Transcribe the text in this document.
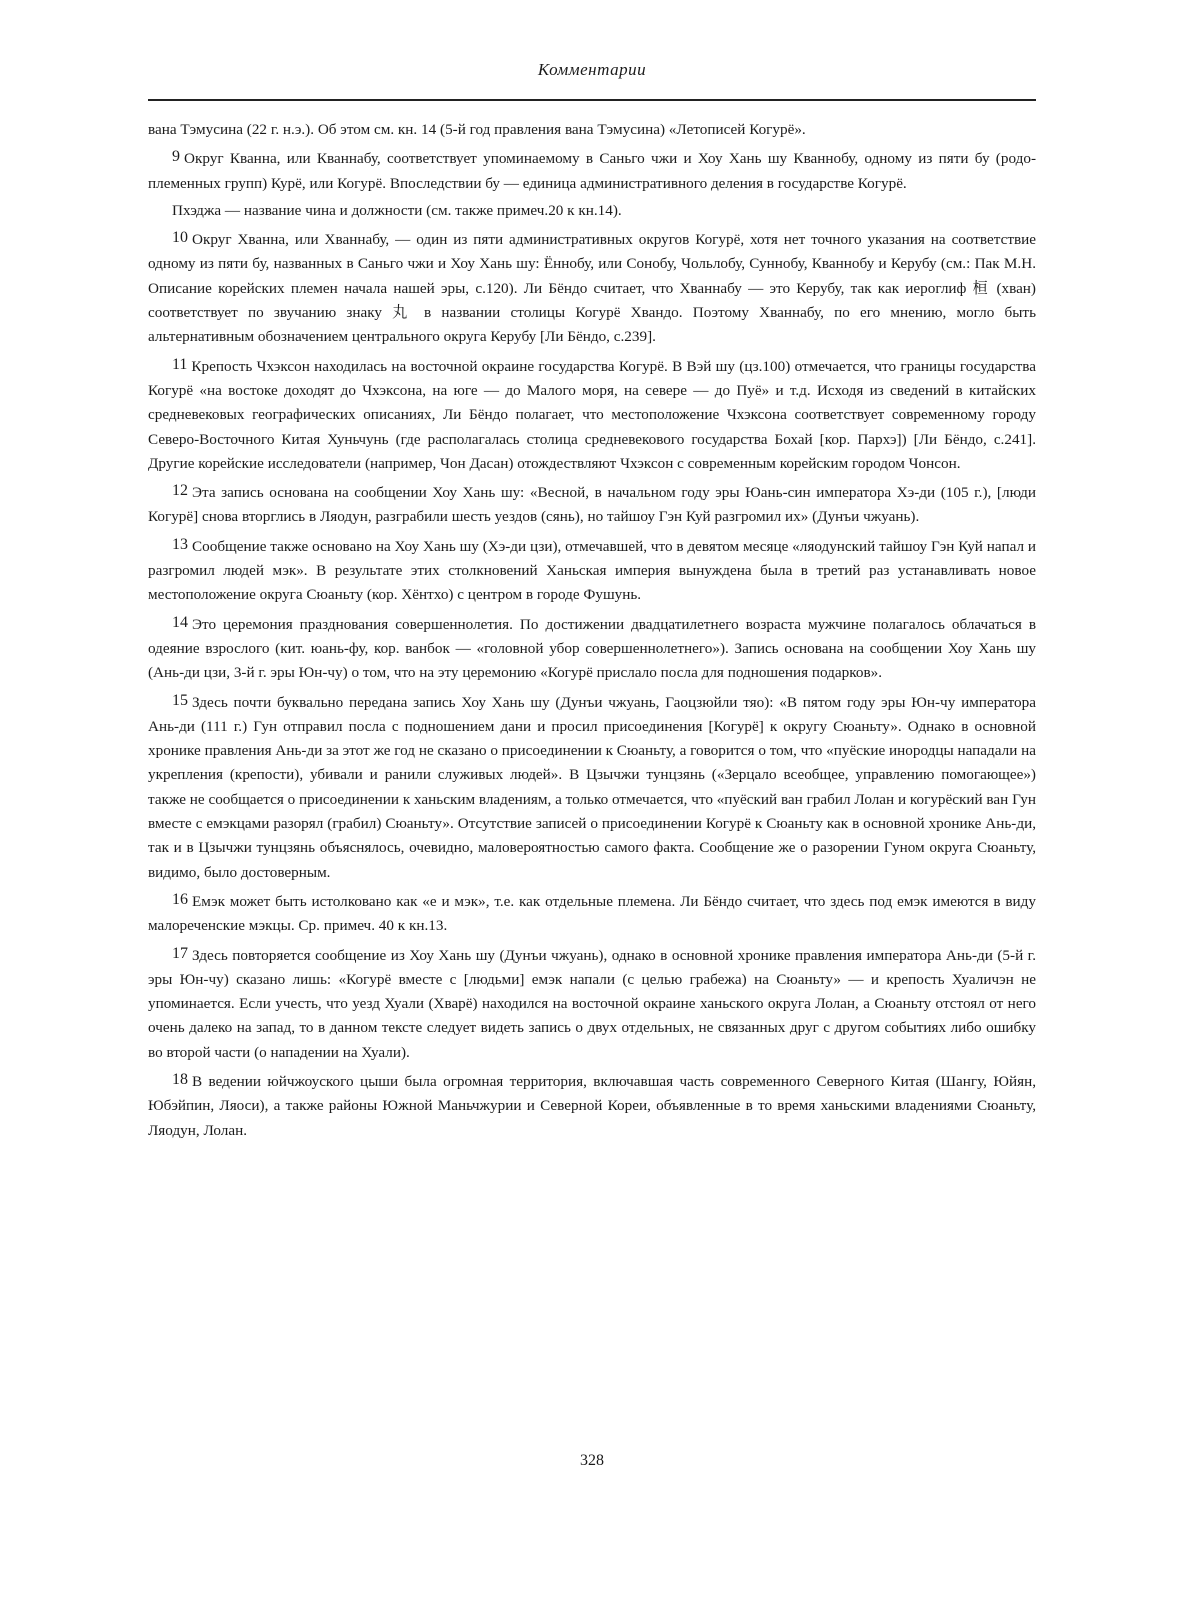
Комментарии

вана Тэмусина (22 г. н.э.). Об этом см. кн. 14 (5-й год правления вана Тэмусина) «Летописей Когурё».

9 Округ Кванна, или Кваннабу, соответствует упоминаемому в Саньго чжи и Хоу Хань шу Кваннобу, одному из пяти бу (родо-племенных групп) Курё, или Когурё. Впоследствии бу — единица административного деления в государстве Когурё.

Пхэджа — название чина и должности (см. также примеч.20 к кн.14).

10 Округ Хванна, или Хваннабу, — один из пяти административных округов Когурё, хотя нет точного указания на соответствие одному из пяти бу, названных в Саньго чжи и Хоу Хань шу: Ённобу, или Сонобу, Чольлобу, Суннобу, Кваннобу и Керубу (см.: Пак М.Н. Описание корейских племен начала нашей эры, с.120). Ли Бёндо считает, что Хваннабу — это Керубу, так как иероглиф 桓 (хван) соответствует по звучанию знаку 丸 в названии столицы Когурё Хвандо. Поэтому Хваннабу, по его мнению, могло быть альтернативным обозначением центрального округа Керубу [Ли Бёндо, с.239].

11 Крепость Чхэксон находилась на восточной окраине государства Когурё. В Вэй шу (цз.100) отмечается, что границы государства Когурё «на востоке доходят до Чхэксона, на юге — до Малого моря, на севере — до Пуё» и т.д. Исходя из сведений в китайских средневековых географических описаниях, Ли Бёндо полагает, что местоположение Чхэксона соответствует современному городу Северо-Восточного Китая Хуньчунь (где располагалась столица средневекового государства Бохай [кор. Пархэ]) [Ли Бёндо, с.241]. Другие корейские исследователи (например, Чон Дасан) отождествляют Чхэксон с современным корейским городом Чонсон.

12 Эта запись основана на сообщении Хоу Хань шу: «Весной, в начальном году эры Юань-син императора Хэ-ди (105 г.), [люди Когурё] снова вторглись в Ляодун, разграбили шесть уездов (сянь), но тайшоу Гэн Куй разгромил их» (Дунъи чжуань).

13 Сообщение также основано на Хоу Хань шу (Хэ-ди цзи), отмечавшей, что в девятом месяце «ляодунский тайшоу Гэн Куй напал и разгромил людей мэк». В результате этих столкновений Ханьская империя вынуждена была в третий раз устанавливать новое местоположение округа Сюаньту (кор. Хёнтхо) с центром в городе Фушунь.

14 Это церемония празднования совершеннолетия. По достижении двадцатилетнего возраста мужчине полагалось облачаться в одеяние взрослого (кит. юань-фу, кор. ванбок — «головной убор совершеннолетнего»). Запись основана на сообщении Хоу Хань шу (Ань-ди цзи, 3-й г. эры Юн-чу) о том, что на эту церемонию «Когурё прислало посла для подношения подарков».

15 Здесь почти буквально передана запись Хоу Хань шу (Дунъи чжуань, Гаоцзюйли тяо): «В пятом году эры Юн-чу императора Ань-ди (111 г.) Гун отправил посла с подношением дани и просил присоединения [Когурё] к округу Сюаньту». Однако в основной хронике правления Ань-ди за этот же год не сказано о присоединении к Сюаньту, а говорится о том, что «пуёские инородцы нападали на укрепления (крепости), убивали и ранили служивых людей». В Цзычжи тунцзянь («Зерцало всеобщее, управлению помогающее») также не сообщается о присоединении к ханьским владениям, а только отмечается, что «пуёский ван грабил Лолан и когурёский ван Гун вместе с емэкцами разорял (грабил) Сюаньту». Отсутствие записей о присоединении Когурё к Сюаньту как в основной хронике Ань-ди, так и в Цзычжи тунцзянь объяснялось, очевидно, маловероятностью самого факта. Сообщение же о разорении Гуном округа Сюаньту, видимо, было достоверным.

16 Емэк может быть истолковано как «е и мэк», т.е. как отдельные племена. Ли Бёндо считает, что здесь под емэк имеются в виду малореченские мэкцы. Ср. примеч. 40 к кн.13.

17 Здесь повторяется сообщение из Хоу Хань шу (Дунъи чжуань), однако в основной хронике правления императора Ань-ди (5-й г. эры Юн-чу) сказано лишь: «Когурё вместе с [людьми] емэк напали (с целью грабежа) на Сюаньту» — и крепость Хуаличэн не упоминается. Если учесть, что уезд Хуали (Хварё) находился на восточной окраине ханьского округа Лолан, а Сюаньту отстоял от него очень далеко на запад, то в данном тексте следует видеть запись о двух отдельных, не связанных друг с другом событиях либо ошибку во второй части (о нападении на Хуали).

18 В ведении юйчжоуского цыши была огромная территория, включавшая часть современного Северного Китая (Шангу, Юйян, Юбэйпин, Ляоси), а также районы Южной Маньчжурии и Северной Кореи, объявленные в то время ханьскими владениями Сюаньту, Ляодун, Лолан.

328
